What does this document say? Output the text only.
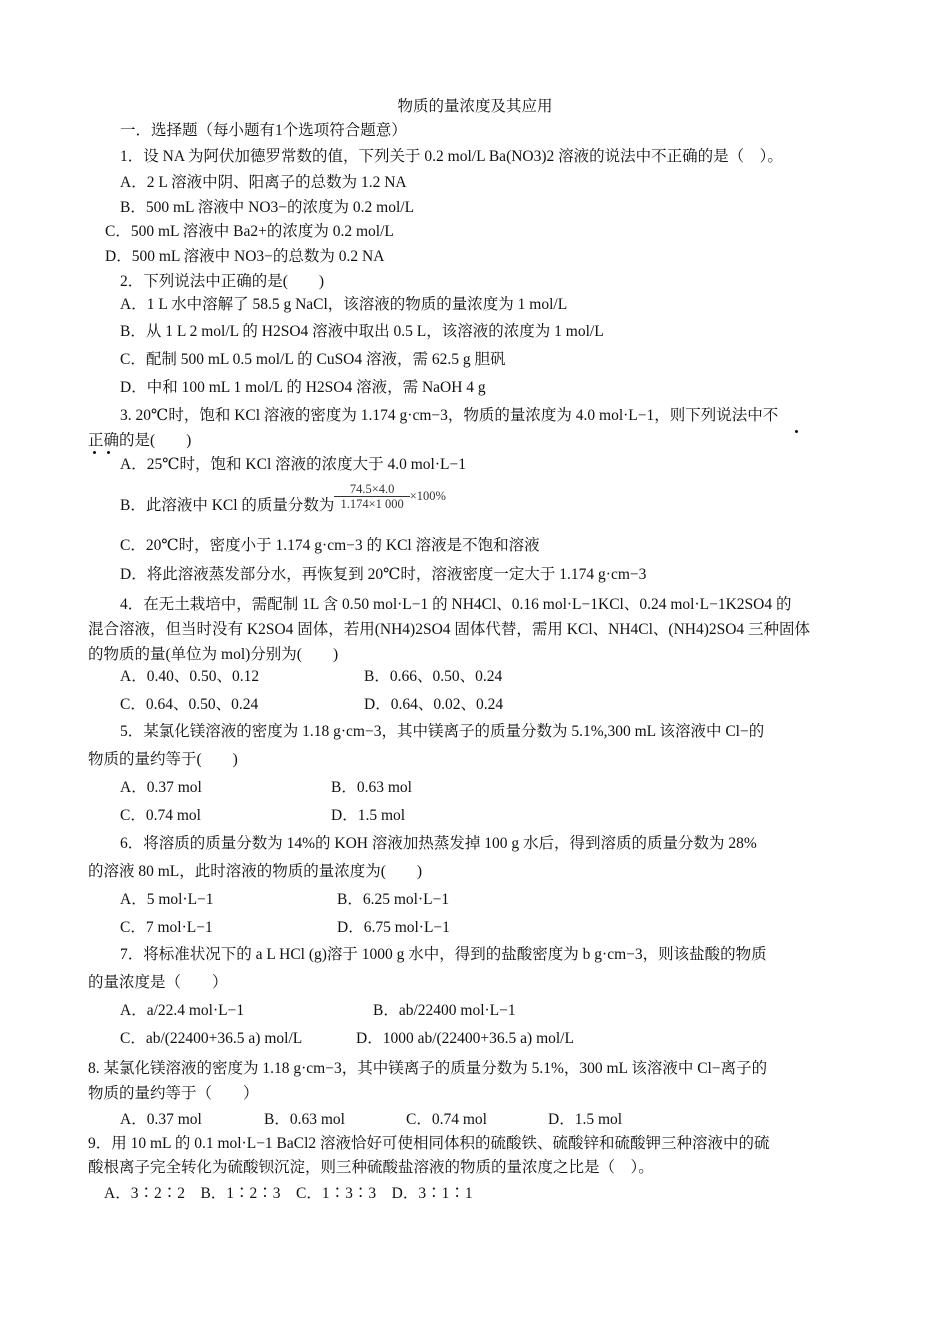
物质的量浓度及其应用
一．选择题（每小题有1个选项符合题意）
1．设 NA 为阿伏加德罗常数的值，下列关于 0.2 mol/L Ba(NO3)2 溶液的说法中不正确的是（　）。
A．2 L 溶液中阴、阳离子的总数为 1.2 NA
B．500 mL 溶液中 NO3−的浓度为 0.2 mol/L
C．500 mL 溶液中 Ba2+的浓度为 0.2 mol/L
D．500 mL 溶液中 NO3−的总数为 0.2 NA
2．下列说法中正确的是(　　)
A．1 L 水中溶解了 58.5 g NaCl，该溶液的物质的量浓度为 1 mol/L
B．从 1 L 2 mol/L 的 H2SO4 溶液中取出 0.5 L，该溶液的浓度为 1 mol/L
C．配制 500 mL 0.5 mol/L 的 CuSO4 溶液，需 62.5 g 胆矾
D．中和 100 mL 1 mol/L 的 H2SO4 溶液，需 NaOH 4 g
3. 20℃时，饱和 KCl 溶液的密度为 1.174 g·cm−3，物质的量浓度为 4.0 mol·L−1，则下列说法中不
正确的是(　　)
A．25℃时，饱和 KCl 溶液的浓度大于 4.0 mol·L−1
B．此溶液中 KCl 的质量分数为 $\frac{74.5\times 4.0}{1.174\times 1 000} ^{\times 100\%}$
C．20℃时，密度小于 1.174 g·cm−3 的 KCl 溶液是不饱和溶液
D．将此溶液蒸发部分水，再恢复到 20℃时，溶液密度一定大于 1.174 g·cm−3
4．在无土栽培中，需配制 1L 含 0.50 mol·L−1 的 NH4Cl、0.16 mol·L−1KCl、0.24 mol·L−1K2SO4 的
混合溶液，但当时没有 K2SO4 固体，若用(NH4)2SO4 固体代替，需用 KCl、NH4Cl、(NH4)2SO4 三种固体
的物质的量(单位为 mol)分别为(　　)
A．0.40、0.50、0.12	B．0.66、0.50、0.24
C．0.64、0.50、0.24	D．0.64、0.02、0.24
5．某氯化镁溶液的密度为 1.18 g·cm−3，其中镁离子的质量分数为 5.1%,300 mL 该溶液中 Cl−的
物质的量约等于(　　)
A．0.37 mol	B．0.63 mol
C．0.74 mol	D．1.5 mol
6．将溶质的质量分数为 14%的 KOH 溶液加热蒸发掉 100 g 水后，得到溶质的质量分数为 28%
的溶液 80 mL，此时溶液的物质的量浓度为(　　)
A．5 mol·L−1	B．6.25 mol·L−1
C．7 mol·L−1	D．6.75 mol·L−1
7．将标准状况下的 a L HCl (g)溶于 1000 g 水中，得到的盐酸密度为 b g·cm−3，则该盐酸的物质
的量浓度是（　　）
A．a/22.4 mol·L−1	B．ab/22400 mol·L−1
C．ab/(22400+36.5 a) mol/L	D．1000 ab/(22400+36.5 a) mol/L
8. 某氯化镁溶液的密度为 1.18 g·cm−3，其中镁离子的质量分数为 5.1%，300 mL 该溶液中 Cl−离子的
物质的量约等于（　　）
A．0.37 mol	B．0.63 mol	C．0.74 mol	D．1.5 mol
9．用 10 mL 的 0.1 mol·L−1 BaCl2 溶液恰好可使相同体积的硫酸铁、硫酸锌和硫酸钾三种溶液中的硫
酸根离子完全转化为硫酸钡沉淀，则三种硫酸盐溶液的物质的量浓度之比是（　）。
A．3∶2∶2　B．1∶2∶3　C．1∶3∶3　D．3∶1∶1
